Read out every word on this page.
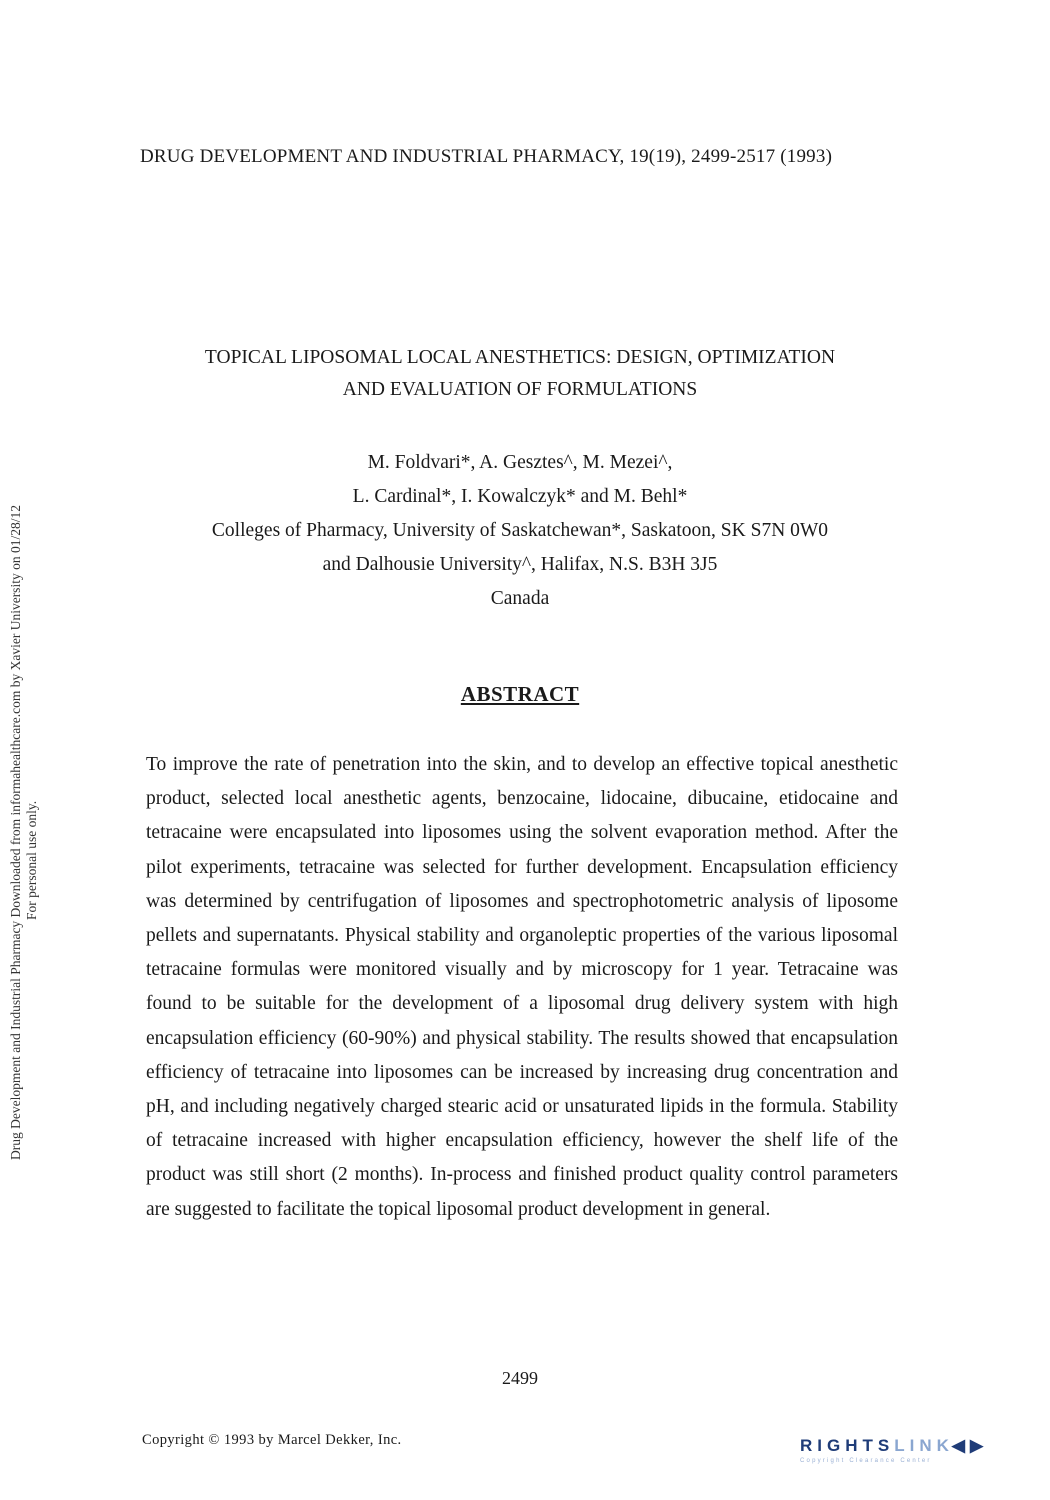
DRUG DEVELOPMENT AND INDUSTRIAL PHARMACY, 19(19), 2499-2517 (1993)
Drug Development and Industrial Pharmacy Downloaded from informahealthcare.com by Xavier University on 01/28/12 For personal use only.
TOPICAL LIPOSOMAL LOCAL ANESTHETICS: DESIGN, OPTIMIZATION
AND EVALUATION OF FORMULATIONS
M. Foldvari*, A. Gesztes^, M. Mezei^,
L. Cardinal*, I. Kowalczyk* and M. Behl*
Colleges of Pharmacy, University of Saskatchewan*, Saskatoon, SK S7N 0W0
and Dalhousie University^, Halifax, N.S. B3H 3J5
Canada
ABSTRACT
To improve the rate of penetration into the skin, and to develop an effective topical anesthetic product, selected local anesthetic agents, benzocaine, lidocaine, dibucaine, etidocaine and tetracaine were encapsulated into liposomes using the solvent evaporation method. After the pilot experiments, tetracaine was selected for further development. Encapsulation efficiency was determined by centrifugation of liposomes and spectrophotometric analysis of liposome pellets and supernatants. Physical stability and organoleptic properties of the various liposomal tetracaine formulas were monitored visually and by microscopy for 1 year. Tetracaine was found to be suitable for the development of a liposomal drug delivery system with high encapsulation efficiency (60-90%) and physical stability. The results showed that encapsulation efficiency of tetracaine into liposomes can be increased by increasing drug concentration and pH, and including negatively charged stearic acid or unsaturated lipids in the formula. Stability of tetracaine increased with higher encapsulation efficiency, however the shelf life of the product was still short (2 months). In-process and finished product quality control parameters are suggested to facilitate the topical liposomal product development in general.
2499
Copyright © 1993 by Marcel Dekker, Inc.	RIGHTSLINK◀▶
Copyright Clearance Center
